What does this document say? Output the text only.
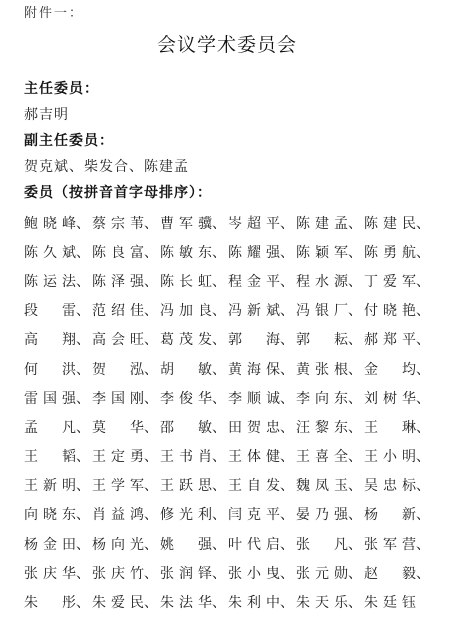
附件一：
会议学术委员会
主任委员：
郝吉明
副主任委员：
贺克斌、柴发合、陈建孟
委员（按拼音首字母排序）：
鲍晓峰、 蔡宗苇、 曹军骥、 岑超平、 陈建孟、 陈建民、
陈久斌、 陈良富、 陈敏东、 陈耀强、 陈颖军、 陈勇航、
陈运法、 陈泽强、 陈长虹、 程金平、 程水源、 丁爱军、
段雷、 范绍佳、 冯加良、 冯新斌、 冯银厂、 付晓艳、
高翔、 高会旺、 葛茂发、 郭海、 郭耘、 郝郑平、
何洪、 贺泓、 胡敏、 黄海保、 黄张根、 金均、
雷国强、 李国刚、 李俊华、 李顺诚、 李向东、 刘树华、
孟凡、 莫华、 邵敏、 田贺忠、 汪黎东、 王琳、
王韬、 王定勇、 王书肖、 王体健、 王喜全、 王小明、
王新明、 王学军、 王跃思、 王自发、 魏凤玉、 吴忠标、
向晓东、 肖益鸿、 修光利、 闫克平、 晏乃强、 杨新、
杨金田、 杨向光、 姚强、 叶代启、 张凡、 张军营、
张庆华、 张庆竹、 张润铎、 张小曳、 张元勋、 赵毅、
朱彤、 朱爱民、 朱法华、 朱利中、 朱天乐、 朱廷钰
